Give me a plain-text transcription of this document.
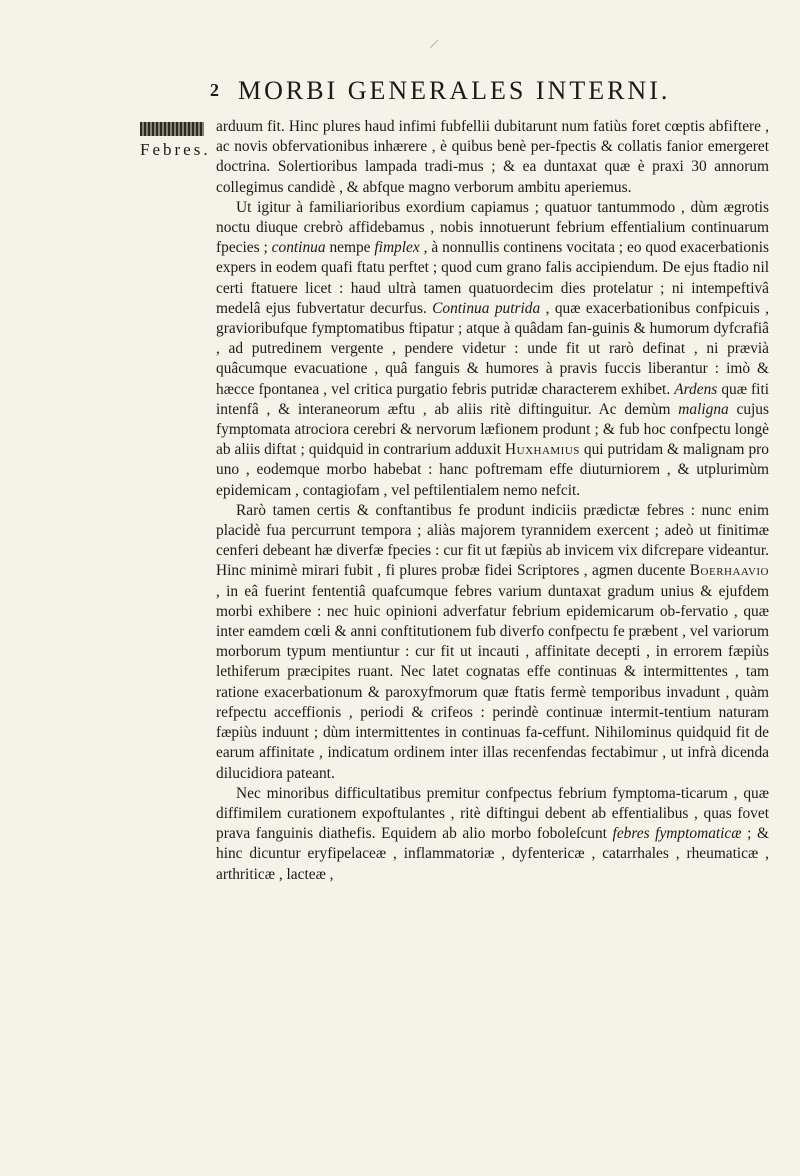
2 MORBI GENERALES INTERNI.
Febres.

arduum fit. Hinc plures haud infimi fubfellii dubitarunt num fatiùs foret cœptis abfiftere , ac novis obfervationibus inhærere , è quibus benè per-fpectis & collatis fanior emergeret doctrina. Solertioribus lampada tradi-mus ; & ea duntaxat quæ è praxi 30 annorum collegimus candidè , & abfque magno verborum ambitu aperiemus.

Ut igitur à familiarioribus exordium capiamus ; quatuor tantummodo , dùm ægrotis noctu diuque crebrò affidebamus , nobis innotuerunt febrium effentialium continuarum fpecies ; continua nempe fimplex , à nonnullis continens vocitata ; eo quod exacerbationis expers in eodem quafi ftatu perftet ; quod cum grano falis accipiendum. De ejus ftadio nil certi ftatuere licet : haud ultrà tamen quatuordecim dies protelatur ; ni intempeftivâ medelâ ejus fubvertatur decurfus. Continua putrida , quæ exacerbationibus confpicuis , gravioribufque fymptomatibus ftipatur ; atque à quâdam fan-guinis & humorum dyfcrafiâ , ad putredinem vergente , pendere videtur : unde fit ut rarò definat , ni prævià quâcumque evacuatione , quâ fanguis & humores à pravis fuccis liberantur : imò & hæcce fpontanea , vel critica purgatio febris putridæ characterem exhibet. Ardens quæ fiti intenfâ , & interaneorum æftu , ab aliis ritè diftinguitur. Ac demùm maligna cujus fymptomata atrociora cerebri & nervorum læfionem produnt ; & fub hoc confpectu longè ab aliis diftat ; quidquid in contrarium adduxit Huxhamius qui putridam & malignam pro uno , eodemque morbo habebat : hanc poftremam effe diuturniorem , & utplurimùm epidemicam , contagiofam , vel peftilentialem nemo nefcit.

Rarò tamen certis & conftantibus fe produnt indiciis prædictæ febres : nunc enim placidè fua percurrunt tempora ; aliàs majorem tyrannidem exercent ; adeò ut finitimæ cenferi debeant hæ diverfæ fpecies : cur fit ut fæpiùs ab invicem vix difcrepare videantur. Hinc minimè mirari fubit , fi plures probæ fidei Scriptores , agmen ducente Boerhaavio , in eâ fuerint fententiâ quafcumque febres varium duntaxat gradum unius & ejufdem morbi exhibere : nec huic opinioni adverfatur febrium epidemicarum ob-fervatio , quæ inter eamdem cœli & anni conftitutionem fub diverfo confpectu fe præbent , vel variorum morborum typum mentiuntur : cur fit ut incauti , affinitate decepti , in errorem fæpiùs lethiferum præcipites ruant. Nec latet cognatas effe continuas & intermittentes , tam ratione exacerbationum & paroxyfmorum quæ ftatis fermè temporibus invadunt , quàm refpectu acceffionis , periodi & crifeos : perindè continuæ intermit-tentium naturam fæpiùs induunt ; dùm intermittentes in continuas fa-ceffunt. Nihilominus quidquid fit de earum affinitate , indicatum ordinem inter illas recenfendas fectabimur , ut infrà dicenda dilucidiora pateant.

Nec minoribus difficultatibus premitur confpectus febrium fymptoma-ticarum , quæ diffimilem curationem expoftulantes , ritè diftingui debent ab effentialibus , quas fovet prava fanguinis diathefis. Equidem ab alio morbo foboleſcunt febres fymptomaticæ ; & hinc dicuntur eryfipelaceæ , inflammatoriæ , dyfentericæ , catarrhales , rheumaticæ , arthriticæ , lacteæ ,
